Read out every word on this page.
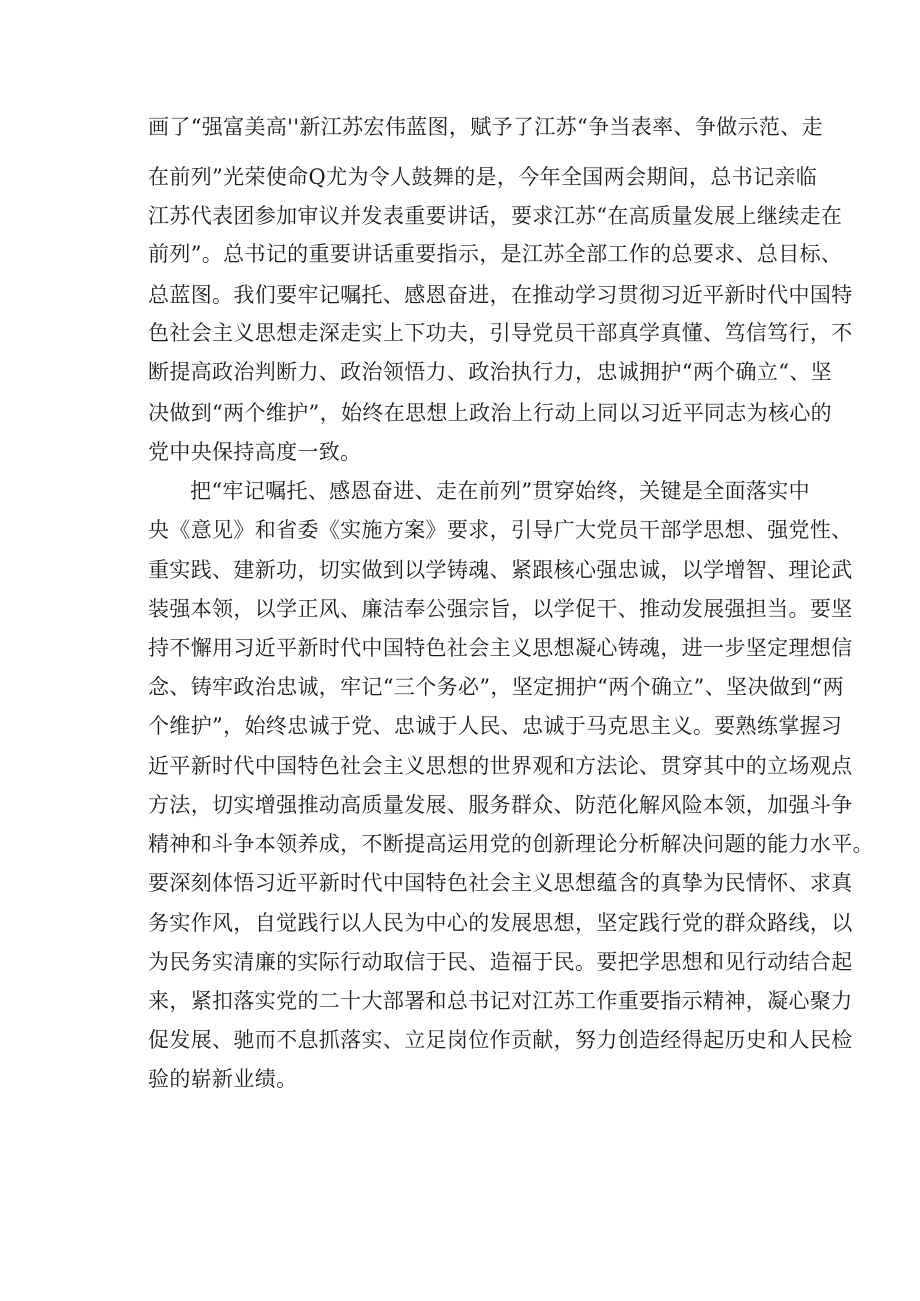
画了“强富美高''新江苏宏伟蓝图，赋予了江苏“争当表率、争做示范、走
在前列”光荣使命Q尤为令人鼓舞的是，今年全国两会期间，总书记亲临
江苏代表团参加审议并发表重要讲话，要求江苏“在高质量发展上继续走在
前列”。总书记的重要讲话重要指示，是江苏全部工作的总要求、总目标、
总蓝图。我们要牢记嘱托、感恩奋进，在推动学习贯彻习近平新时代中国特
色社会主义思想走深走实上下功夫，引导党员干部真学真懂、笃信笃行，不
断提高政治判断力、政治领悟力、政治执行力，忠诚拥护“两个确立“、坚
决做到“两个维护”，始终在思想上政治上行动上同以习近平同志为核心的
党中央保持高度一致。
把“牢记嘱托、感恩奋进、走在前列”贯穿始终，关键是全面落实中
央《意见》和省委《实施方案》要求，引导广大党员干部学思想、强党性、
重实践、建新功，切实做到以学铸魂、紧跟核心强忠诚，以学增智、理论武
装强本领，以学正风、廉洁奉公强宗旨，以学促干、推动发展强担当。要坚
持不懈用习近平新时代中国特色社会主义思想凝心铸魂，进一步坚定理想信
念、铸牢政治忠诚，牢记“三个务必”，坚定拥护“两个确立”、坚决做到“两
个维护”，始终忠诚于党、忠诚于人民、忠诚于马克思主义。要熟练掌握习
近平新时代中国特色社会主义思想的世界观和方法论、贯穿其中的立场观点
方法，切实增强推动高质量发展、服务群众、防范化解风险本领，加强斗争
精神和斗争本领养成，不断提高运用党的创新理论分析解决问题的能力水平。
要深刻体悟习近平新时代中国特色社会主义思想蕴含的真挚为民情怀、求真
务实作风，自觉践行以人民为中心的发展思想，坚定践行党的群众路线，以
为民务实清廉的实际行动取信于民、造福于民。要把学思想和见行动结合起
来，紧扣落实党的二十大部署和总书记对江苏工作重要指示精神，凝心聚力
促发展、驰而不息抓落实、立足岗位作贡献，努力创造经得起历史和人民检
验的崭新业绩。
